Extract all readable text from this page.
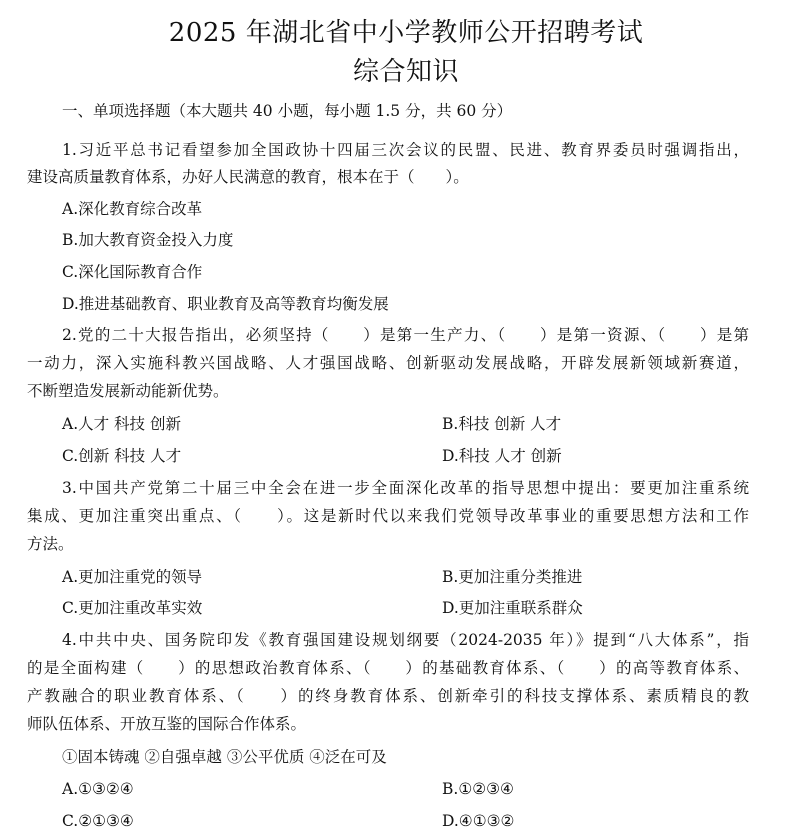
2025 年湖北省中小学教师公开招聘考试
综合知识
一、单项选择题（本大题共 40 小题，每小题 1.5 分，共 60 分）
1.习近平总书记看望参加全国政协十四届三次会议的民盟、民进、教育界委员时强调指出，
建设高质量教育体系，办好人民满意的教育，根本在于（　　）。
A.深化教育综合改革
B.加大教育资金投入力度
C.深化国际教育合作
D.推进基础教育、职业教育及高等教育均衡发展
2.党的二十大报告指出，必须坚持（　　）是第一生产力、（　　）是第一资源、（　　）是第
一动力，深入实施科教兴国战略、人才强国战略、创新驱动发展战略，开辟发展新领域新赛道，
不断塑造发展新动能新优势。
A.人才 科技 创新	B.科技 创新 人才
C.创新 科技 人才	D.科技 人才 创新
3.中国共产党第二十届三中全会在进一步全面深化改革的指导思想中提出：要更加注重系统
集成、更加注重突出重点、（　　）。这是新时代以来我们党领导改革事业的重要思想方法和工作
方法。
A.更加注重党的领导	B.更加注重分类推进
C.更加注重改革实效	D.更加注重联系群众
4.中共中央、国务院印发《教育强国建设规划纲要（2024-2035 年）》提到“八大体系”，指
的是全面构建（　　）的思想政治教育体系、（　　）的基础教育体系、（　　）的高等教育体系、
产教融合的职业教育体系、（　　）的终身教育体系、创新牵引的科技支撑体系、素质精良的教
师队伍体系、开放互鉴的国际合作体系。
①固本铸魂 ②自强卓越 ③公平优质 ④泛在可及
A.①③②④	B.①②③④
C.②①③④	D.④①③②
